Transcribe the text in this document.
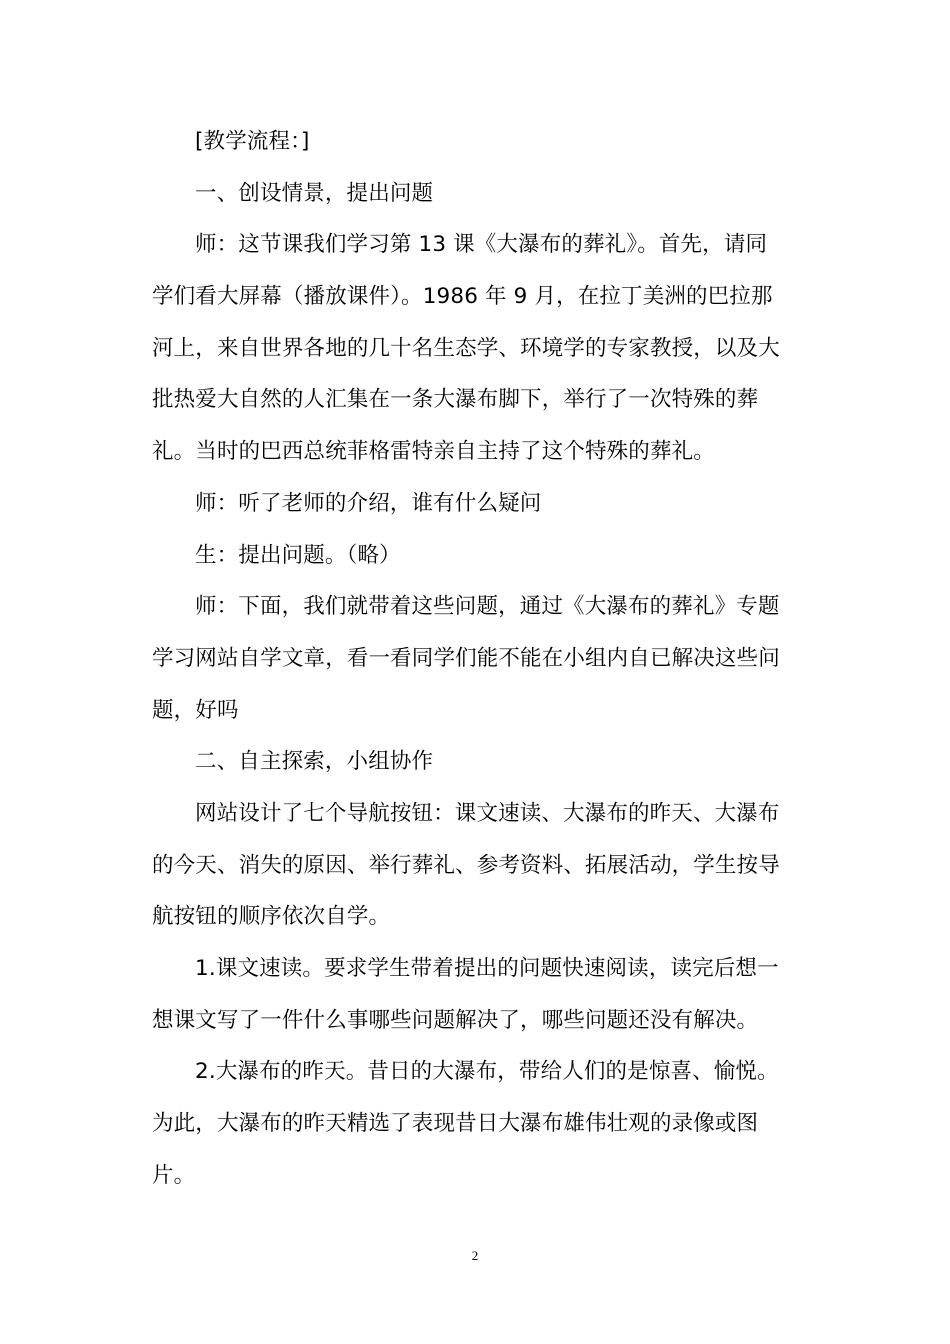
[教学流程：]
一、创设情景，提出问题
师：这节课我们学习第 13 课《大瀑布的葬礼》。首先，请同
学们看大屏幕（播放课件）。1986 年 9 月，在拉丁美洲的巴拉那
河上，来自世界各地的几十名生态学、环境学的专家教授，以及大
批热爱大自然的人汇集在一条大瀑布脚下，举行了一次特殊的葬
礼。当时的巴西总统菲格雷特亲自主持了这个特殊的葬礼。
师：听了老师的介绍，谁有什么疑问
生：提出问题。（略）
师：下面，我们就带着这些问题，通过《大瀑布的葬礼》专题
学习网站自学文章，看一看同学们能不能在小组内自已解决这些问
题，好吗
二、自主探索，小组协作
网站设计了七个导航按钮：课文速读、大瀑布的昨天、大瀑布
的今天、消失的原因、举行葬礼、参考资料、拓展活动，学生按导
航按钮的顺序依次自学。
1.课文速读。要求学生带着提出的问题快速阅读，读完后想一
想课文写了一件什么事哪些问题解决了，哪些问题还没有解决。
2.大瀑布的昨天。昔日的大瀑布，带给人们的是惊喜、愉悦。
为此，大瀑布的昨天精选了表现昔日大瀑布雄伟壮观的录像或图
片。
2
